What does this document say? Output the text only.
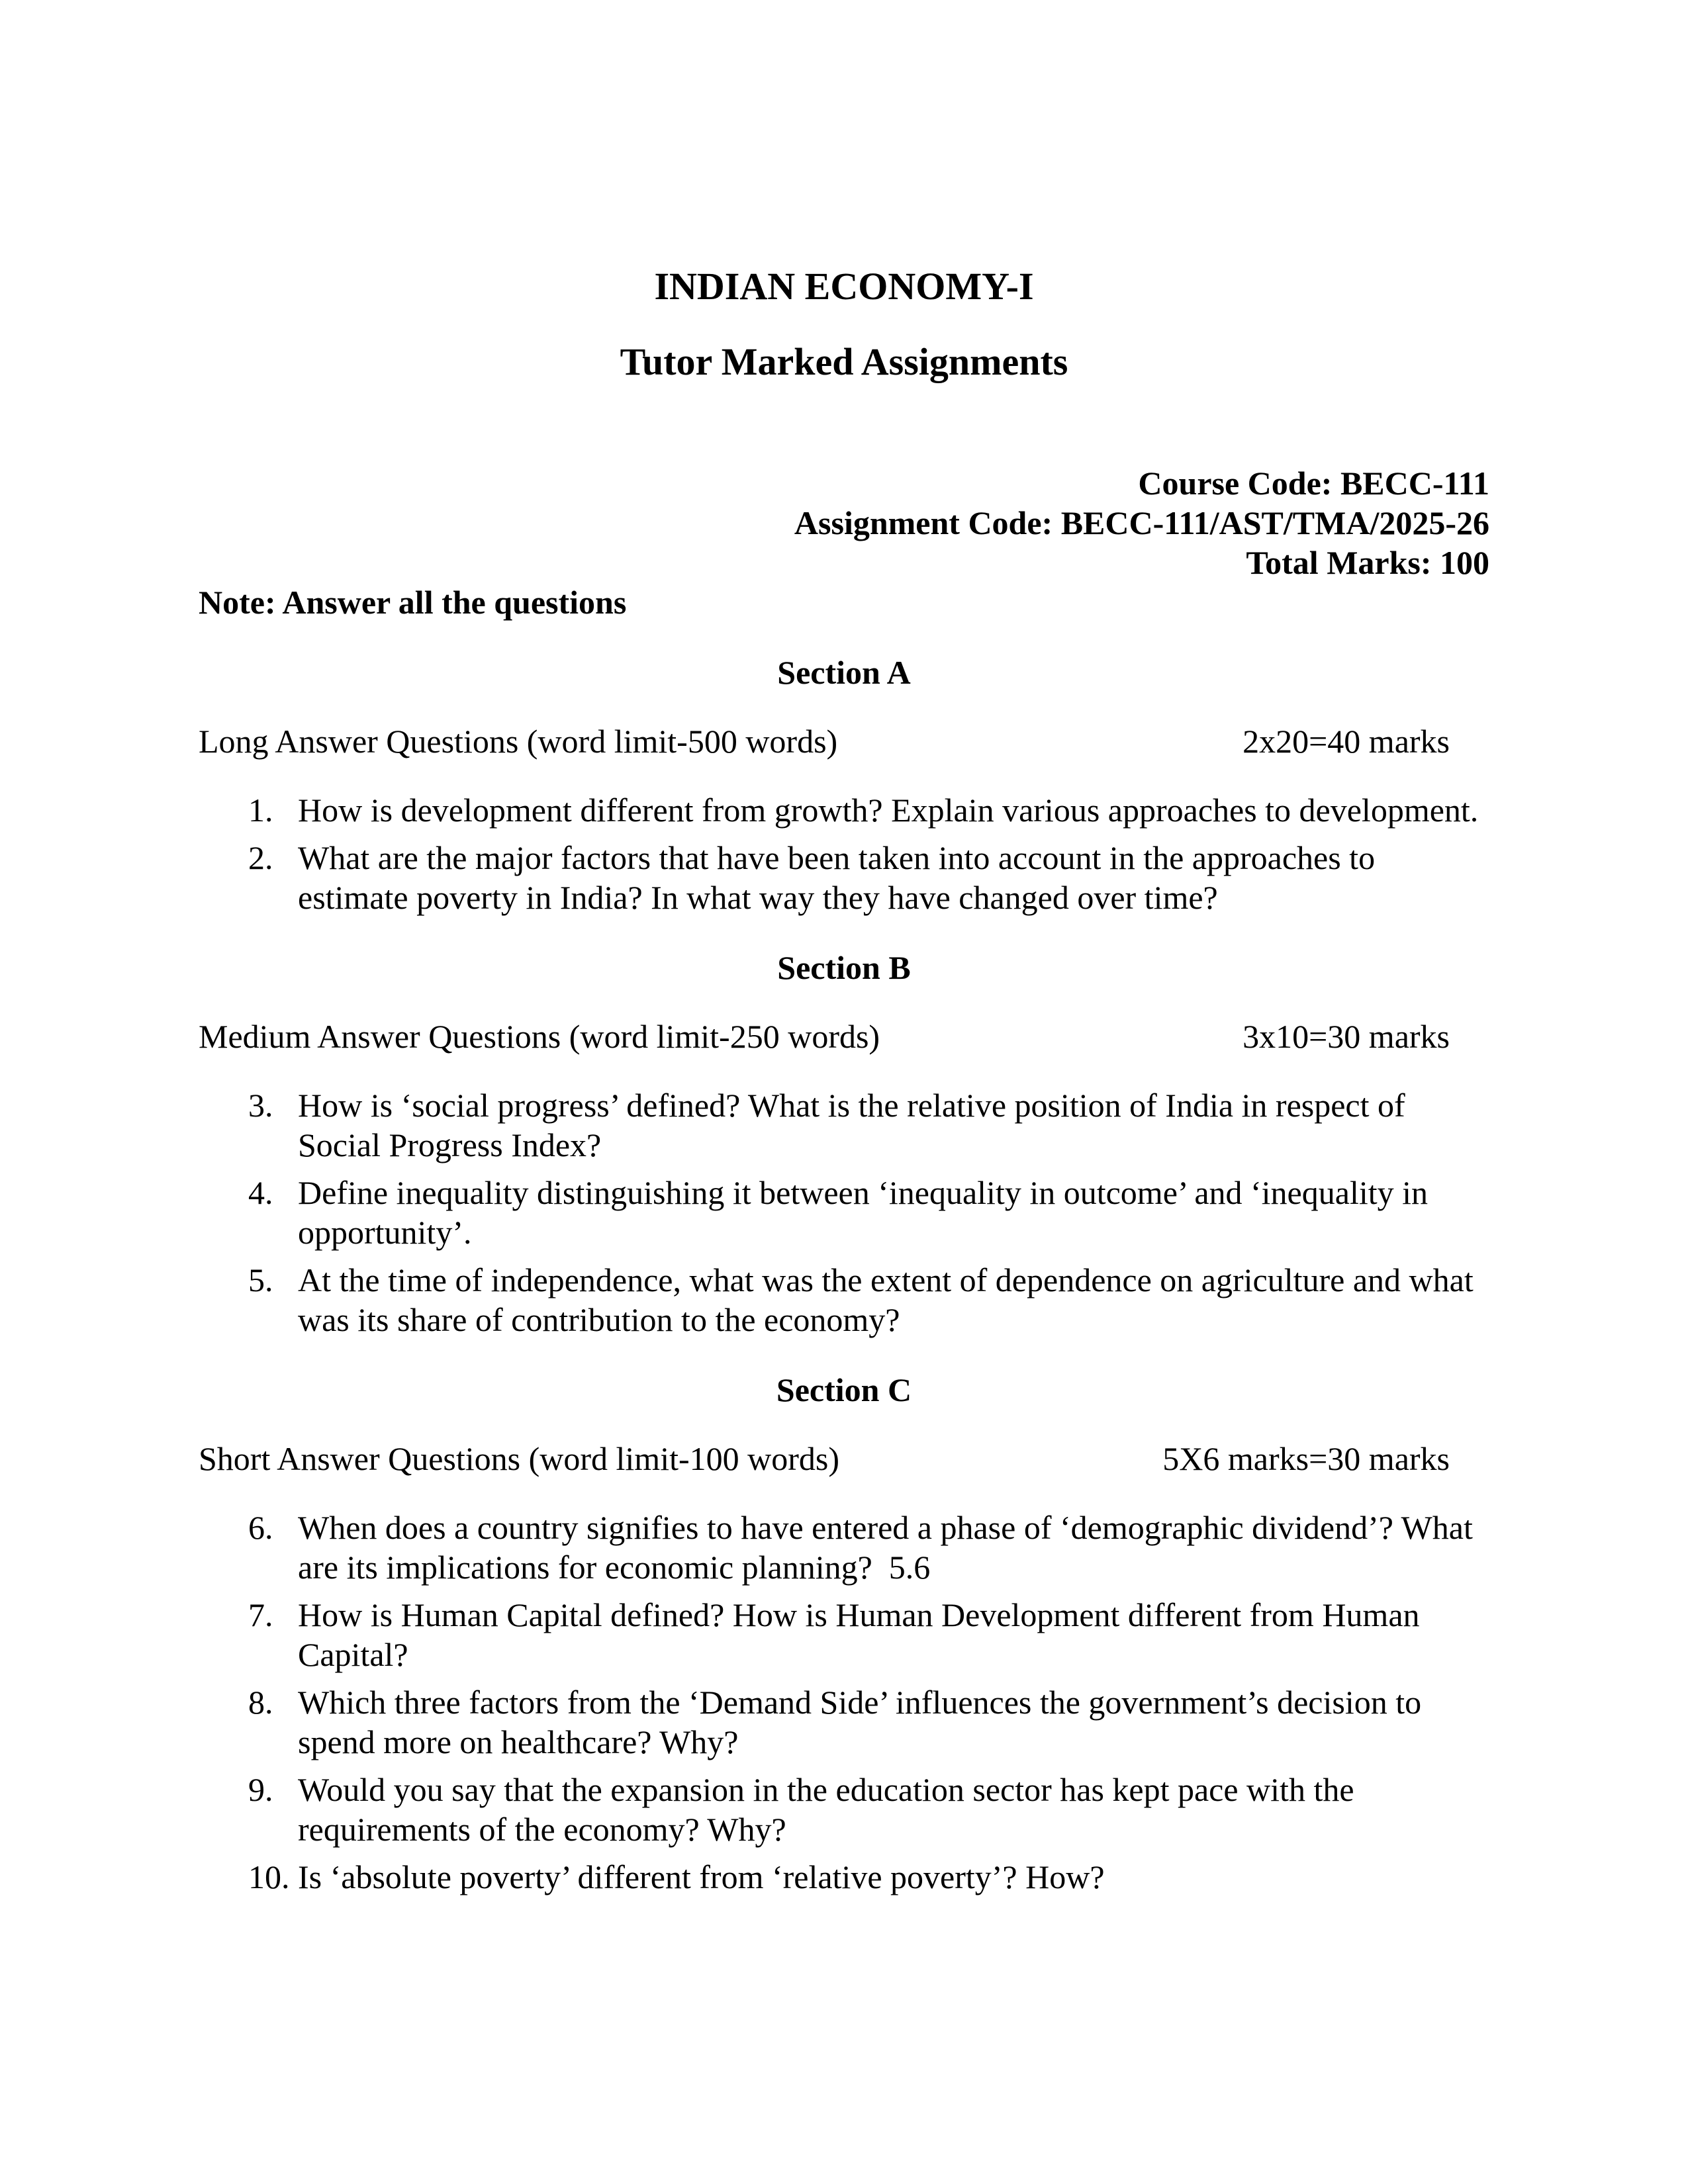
INDIAN ECONOMY-I
Tutor Marked Assignments
Course Code: BECC-111
Assignment Code: BECC-111/AST/TMA/2025-26
Total Marks: 100
Note: Answer all the questions
Section A
Long Answer Questions (word limit-500 words)	2x20=40 marks
1. How is development different from growth? Explain various approaches to development.
2. What are the major factors that have been taken into account in the approaches to estimate poverty in India? In what way they have changed over time?
Section B
Medium Answer Questions (word limit-250 words)	3x10=30 marks
3. How is ‘social progress’ defined? What is the relative position of India in respect of Social Progress Index?
4. Define inequality distinguishing it between ‘inequality in outcome’ and ‘inequality in opportunity’.
5. At the time of independence, what was the extent of dependence on agriculture and what was its share of contribution to the economy?
Section C
Short Answer Questions (word limit-100 words)	5X6 marks=30 marks
6. When does a country signifies to have entered a phase of ‘demographic dividend’? What are its implications for economic planning?  5.6
7. How is Human Capital defined? How is Human Development different from Human Capital?
8. Which three factors from the ‘Demand Side’ influences the government’s decision to spend more on healthcare? Why?
9. Would you say that the expansion in the education sector has kept pace with the requirements of the economy? Why?
10. Is ‘absolute poverty’ different from ‘relative poverty’? How?
